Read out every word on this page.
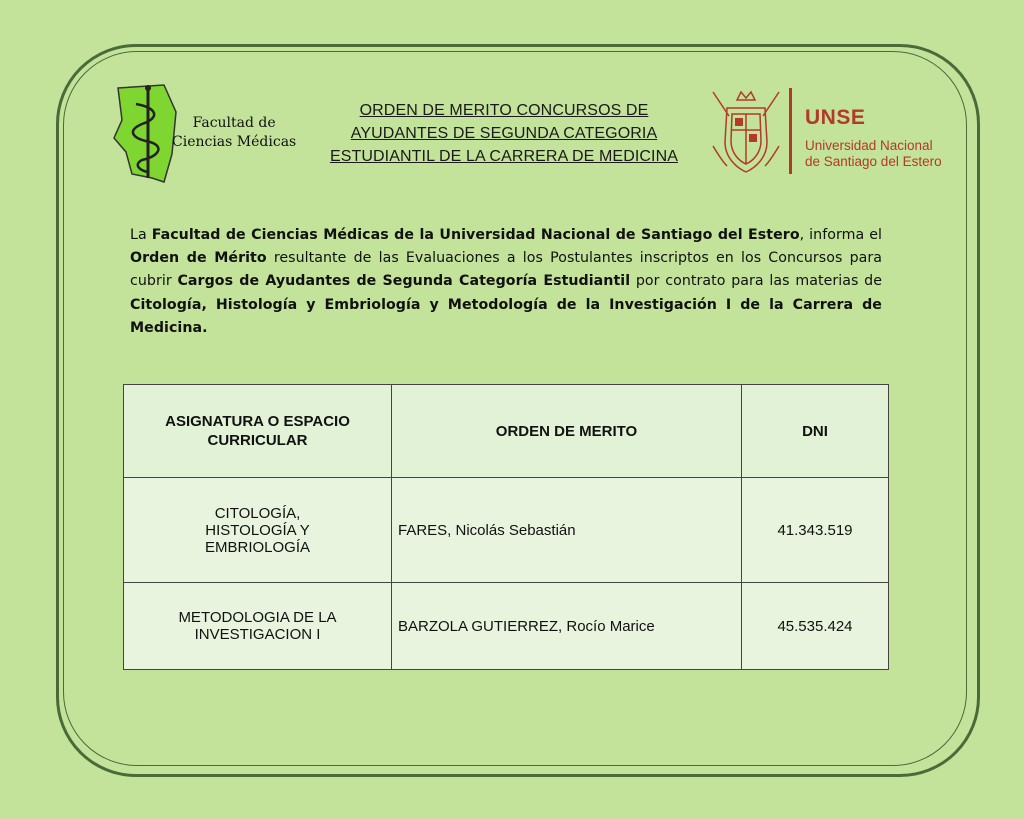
Facultad de
Ciencias Médicas
ORDEN DE MERITO CONCURSOS DE
AYUDANTES DE SEGUNDA CATEGORIA
ESTUDIANTIL DE LA CARRERA DE MEDICINA
UNSE
Universidad Nacional
de Santiago del Estero
La Facultad de Ciencias Médicas de la Universidad Nacional de Santiago del Estero, informa el Orden de Mérito resultante de las Evaluaciones a los Postulantes inscriptos en los Concursos para cubrir Cargos de Ayudantes de Segunda Categoría Estudiantil por contrato para las materias de Citología, Histología y Embriología y Metodología de la Investigación I de la Carrera de Medicina.
ASIGNATURA O ESPACIO
CURRICULAR	ORDEN DE MERITO	DNI

CITOLOGÍA,
HISTOLOGÍA Y
EMBRIOLOGÍA	FARES, Nicolás Sebastián	41.343.519

METODOLOGIA DE LA
INVESTIGACION I	BARZOLA GUTIERREZ, Rocío Marice	45.535.424
